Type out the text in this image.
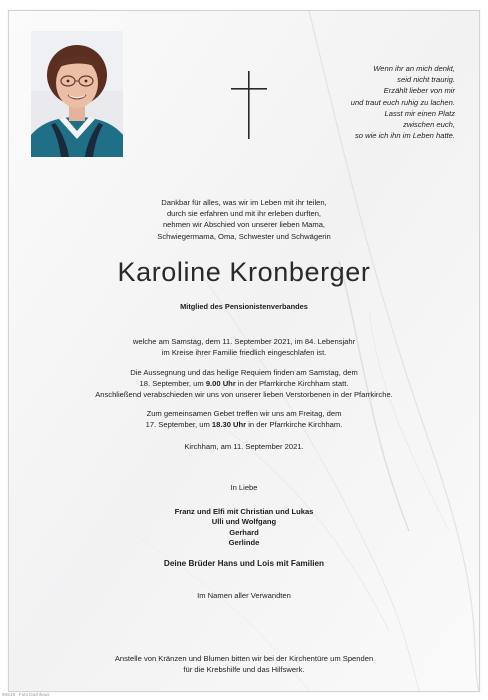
Wenn ihr an mich denkt,
seid nicht traurig.
Erzählt lieber von mir
und traut euch ruhig zu lachen.
Lasst mir einen Platz
zwischen euch,
so wie ich ihn im Leben hatte.
Dankbar für alles, was wir im Leben mit ihr teilen,
durch sie erfahren und mit ihr erleben durften,
nehmen wir Abschied von unserer lieben Mama,
Schwiegermama, Oma, Schwester und Schwägerin
Karoline Kronberger
Mitglied des Pensionistenverbandes
welche am Samstag, dem 11. September 2021, im 84. Lebensjahr
im Kreise ihrer Familie friedlich eingeschlafen ist.
Die Aussegnung und das heilige Requiem finden am Samstag, dem
18. September, um 9.00 Uhr in der Pfarrkirche Kirchham statt.
Anschließend verabschieden wir uns von unserer lieben Verstorbenen in der Pfarrkirche.
Zum gemeinsamen Gebet treffen wir uns am Freitag, dem
17. September, um 18.30 Uhr in der Pfarrkirche Kirchham.
Kirchham, am 11. September 2021.
In Liebe
Franz und Elfi mit Christian und Lukas
Ulli und Wolfgang
Gerhard
Gerlinde
Deine Brüder Hans und Lois mit Familien
Im Namen aller Verwandten
Anstelle von Kränzen und Blumen bitten wir bei der Kirchentüre um Spenden
für die Krebshilfe und das Hilfswerk.
IMS19 · Foto Dachhaus
